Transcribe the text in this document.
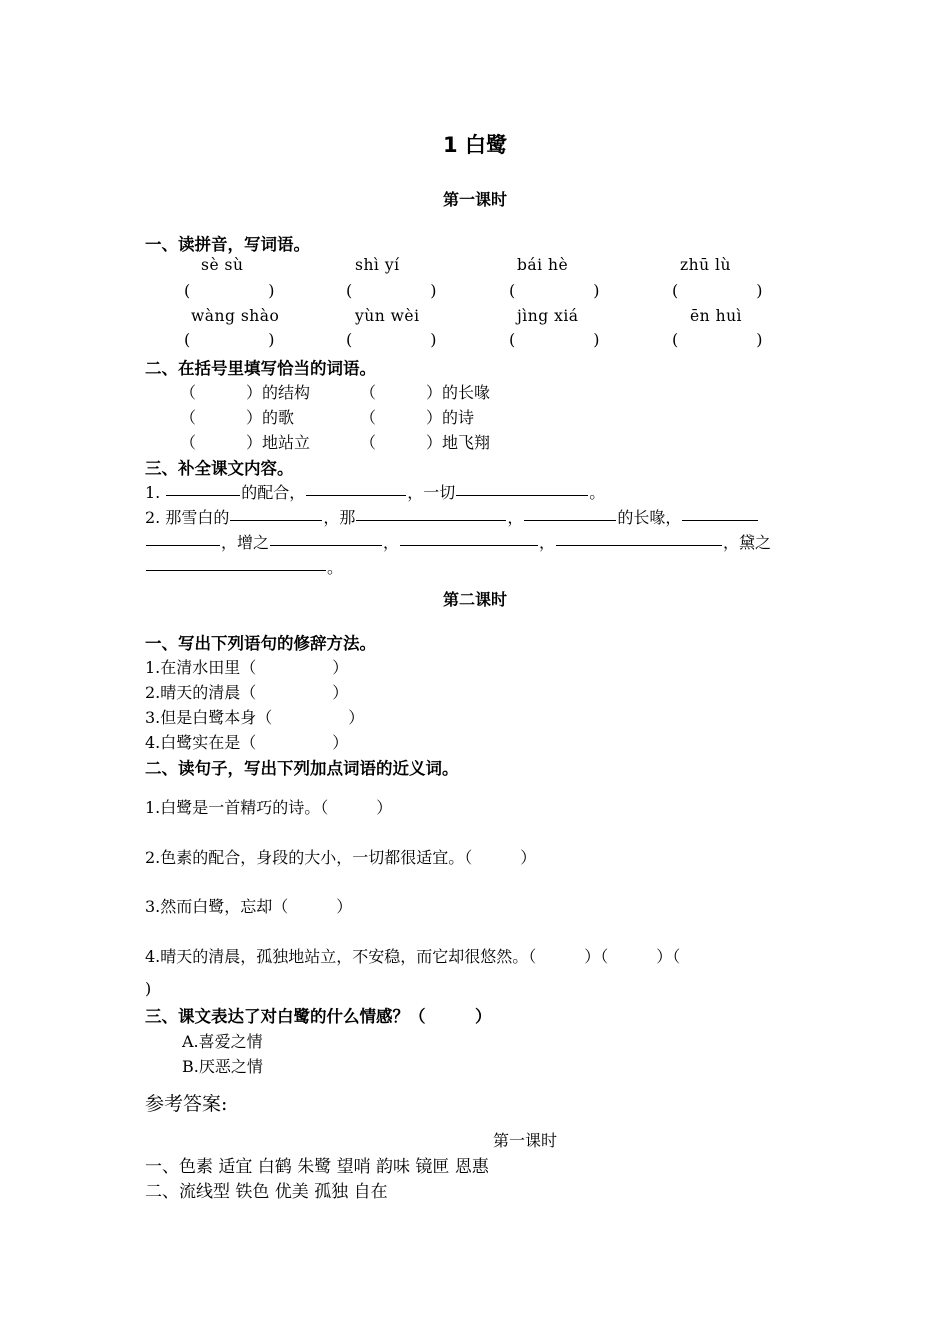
1 白鹭
第一课时
一、读拼音，写词语。
sè sù	shì yí	bái hè	zhū lù
(	)	(	)	(	)	(	)
wàng shào	yùn wèi	jìng xiá	ēn huì
(	)	(	)	(	)	(	)
二、在括号里填写恰当的词语。
（	）的结构	（	）的长喙
（	）的歌	（	）的诗
（	）地站立	（	）地飞翔
三、补全课文内容。
1.	的配合，	，一切	。
2. 那雪白的	，那	，	的长喙，
，增之	，	，	，黛之
。
第二课时
一、写出下列语句的修辞方法。
1.在清水田里（	）
2.晴天的清晨（	）
3.但是白鹭本身（	）
4.白鹭实在是（	）
二、读句子，写出下列加点词语的近义词。
1.白鹭是一首精巧的诗。（　　　）
2.色素的配合，身段的大小，一切都很适宜。（　　　）
3.然而白鹭，忘却（　　　）
4.晴天的清晨，孤独地站立，不安稳，而它却很悠然。（　　　）（　　　）（
)
三、课文表达了对白鹭的什么情感？（　　　）
A.喜爱之情
B.厌恶之情
参考答案:
第一课时
一、色素 适宜 白鹤 朱鹭 望哨 韵味 镜匣 恩惠
二、流线型 铁色 优美 孤独 自在
